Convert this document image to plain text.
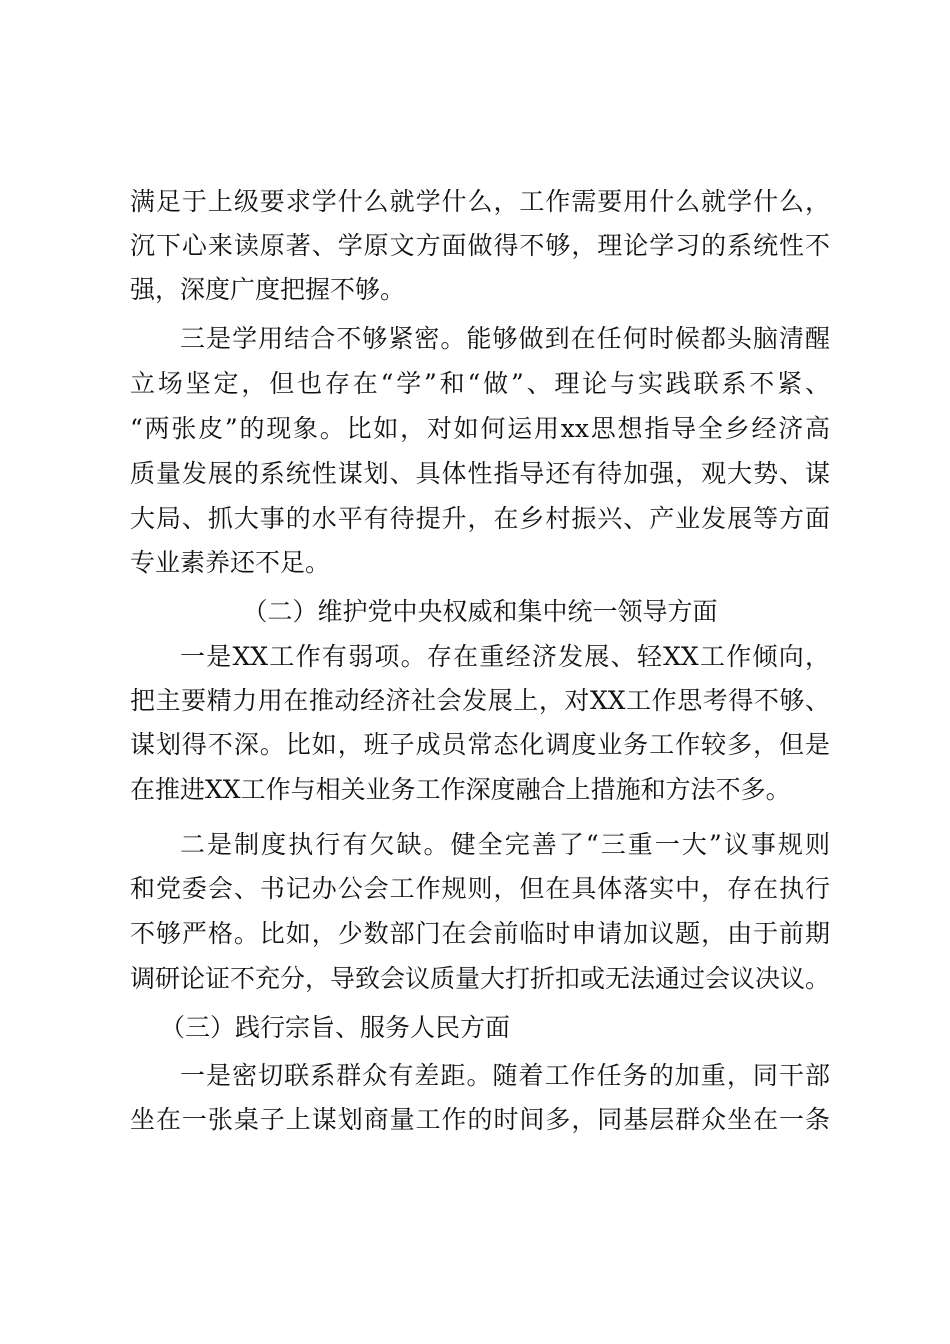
满足于上级要求学什么就学什么，工作需要用什么就学什么，
沉下心来读原著、学原文方面做得不够，理论学习的系统性不
强，深度广度把握不够。
三是学用结合不够紧密。能够做到在任何时候都头脑清醒
立场坚定，但也存在“学”和“做”、理论与实践联系不紧、
“两张皮”的现象。比如，对如何运用xx思想指导全乡经济高
质量发展的系统性谋划、具体性指导还有待加强，观大势、谋
大局、抓大事的水平有待提升，在乡村振兴、产业发展等方面
专业素养还不足。
（二）维护党中央权威和集中统一领导方面
一是XX工作有弱项。存在重经济发展、轻XX工作倾向，
把主要精力用在推动经济社会发展上，对XX工作思考得不够、
谋划得不深。比如，班子成员常态化调度业务工作较多，但是
在推进XX工作与相关业务工作深度融合上措施和方法不多。
二是制度执行有欠缺。健全完善了“三重一大”议事规则
和党委会、书记办公会工作规则，但在具体落实中，存在执行
不够严格。比如，少数部门在会前临时申请加议题，由于前期
调研论证不充分，导致会议质量大打折扣或无法通过会议决议。
（三）践行宗旨、服务人民方面
一是密切联系群众有差距。随着工作任务的加重，同干部
坐在一张桌子上谋划商量工作的时间多，同基层群众坐在一条
